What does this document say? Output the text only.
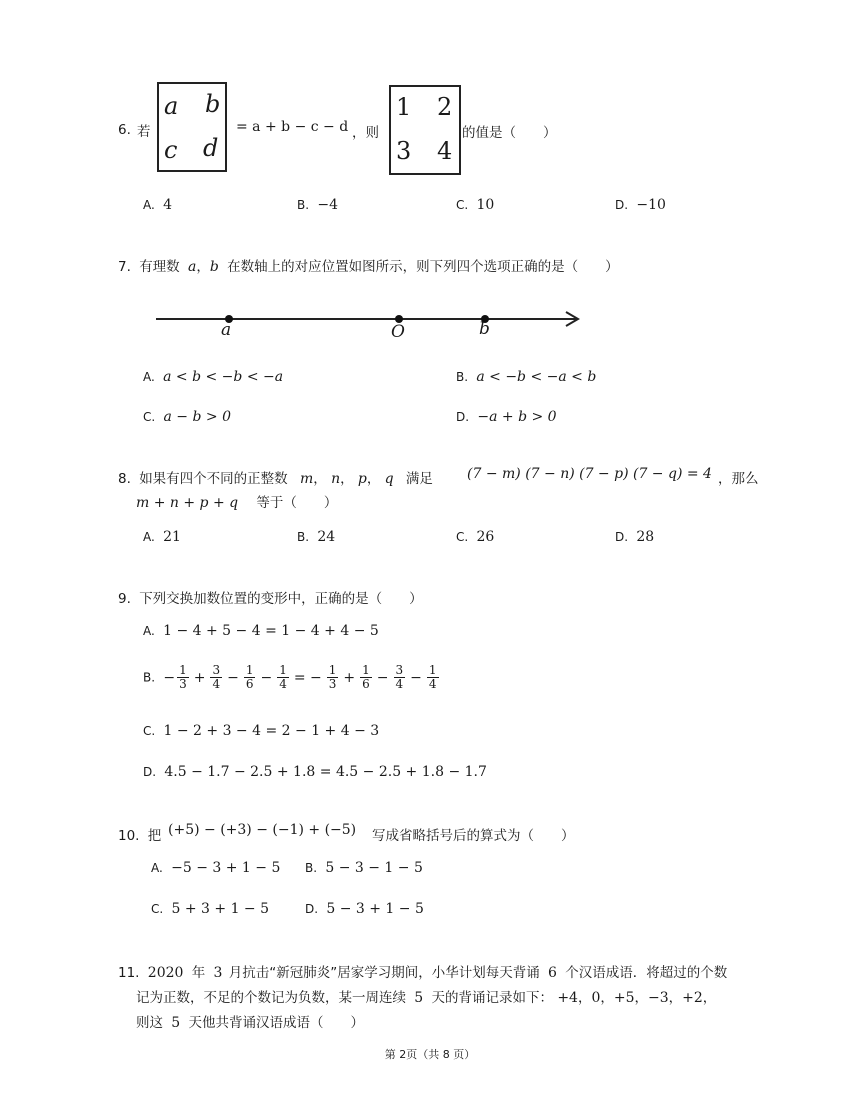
6. 若
a b
c d
= a + b − c − d ，则
1 2
3 4
的值是（　　）
A. 4	B. −4	C. 10	D. −10
7. 有理数 a，b 在数轴上的对应位置如图所示，则下列四个选项正确的是（　　）
a	O	b
A. a < b < −b < −a	B. a < −b < −a < b
C. a − b > 0	D. −a + b > 0
8. 如果有四个不同的正整数 m， n， p， q 满足 (7 − m) (7 − n) (7 − p) (7 − q) = 4 ，那么
m + n + p + q 等于（　　）
A. 21	B. 24	C. 26	D. 28
9. 下列交换加数位置的变形中，正确的是（　　）
A. 1 − 4 + 5 − 4 = 1 − 4 + 4 − 5
B. − $\frac{1}{3} + \frac{3}{4} - \frac{1}{6} - \frac{1}{4}$ = − $\frac{1}{3} + \frac{1}{6} - \frac{3}{4} - \frac{1}{4}$
C. 1 − 2 + 3 − 4 = 2 − 1 + 4 − 3
D. 4.5 − 1.7 − 2.5 + 1.8 = 4.5 − 2.5 + 1.8 − 1.7
10. 把 (+5) − (+3) − (−1) + (−5) 写成省略括号后的算式为（　　）
A. −5 − 3 + 1 − 5 B. 5 − 3 − 1 − 5
C. 5 + 3 + 1 − 5	D. 5 − 3 + 1 − 5
11. 2020 年 3 月抗击“新冠肺炎”居家学习期间，小华计划每天背诵 6 个汉语成语．将超过的个数
记为正数，不足的个数记为负数，某一周连续 5 天的背诵记录如下： +4，0，+5，−3，+2，
则这 5 天他共背诵汉语成语（　　）
第 2页（共 8 页）
